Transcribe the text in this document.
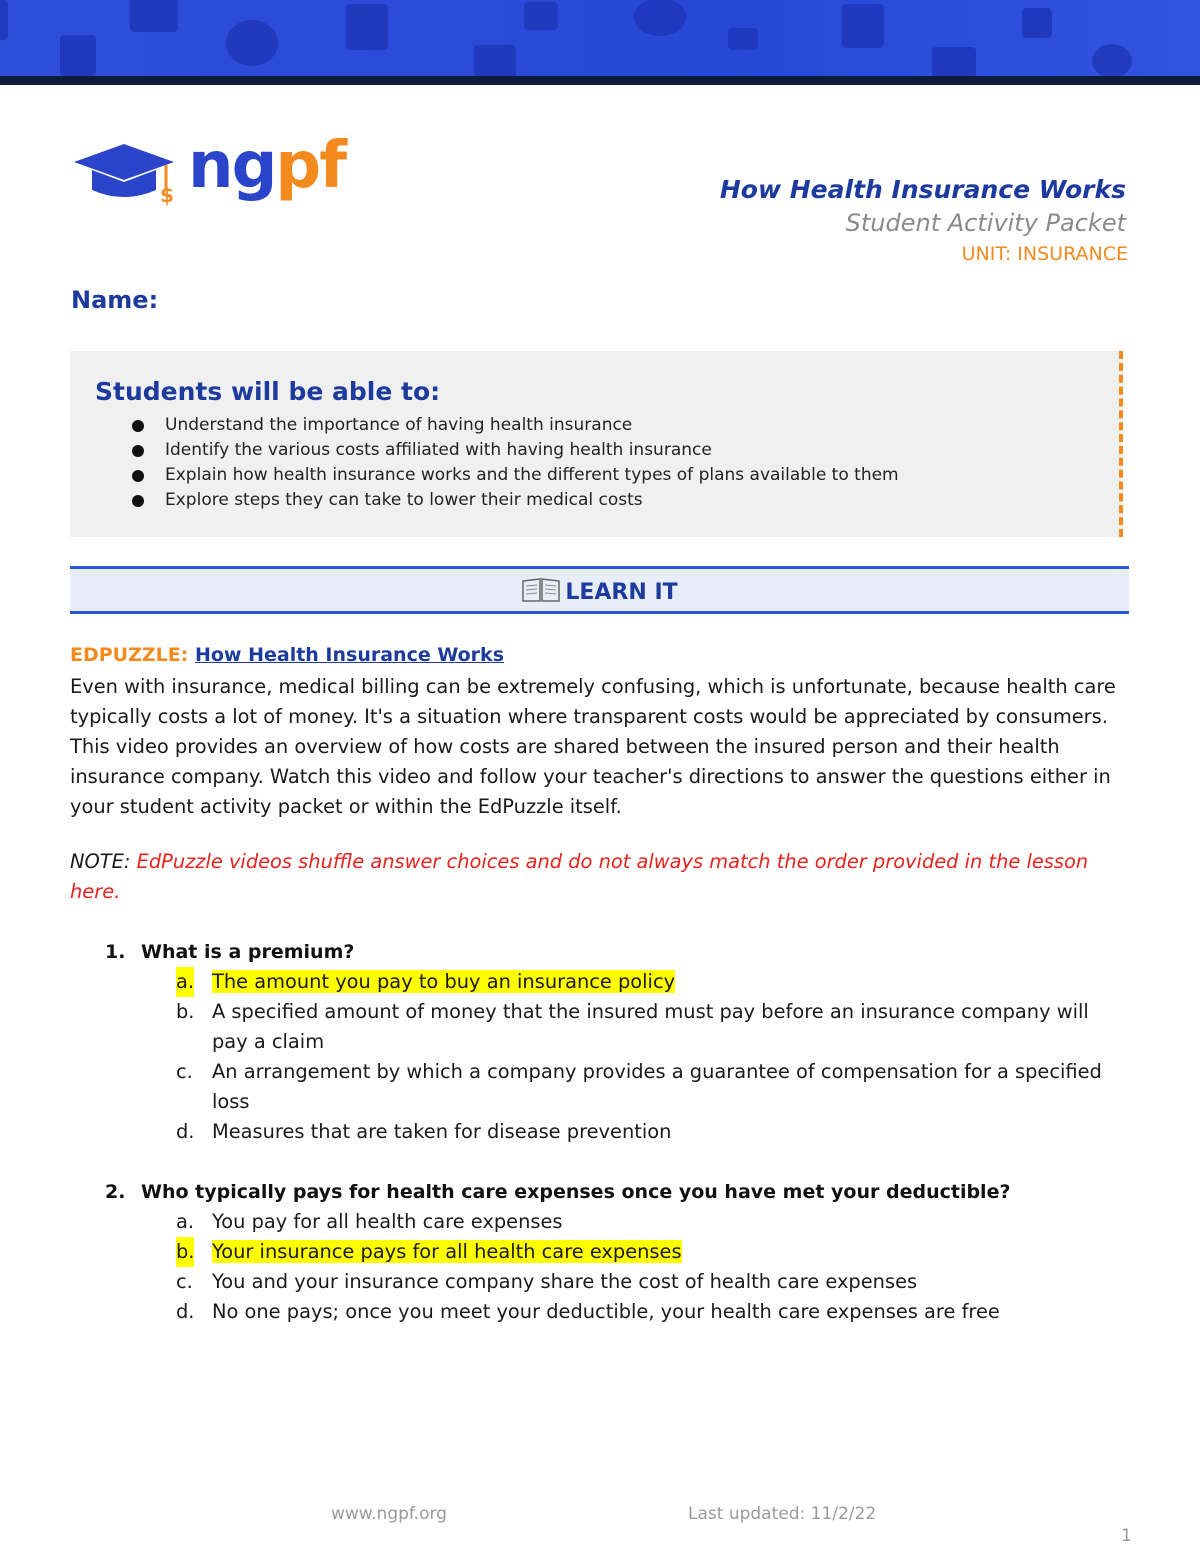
$ ngpf	How Health Insurance Works
Student Activity Packet
UNIT: INSURANCE
Name:
Students will be able to:
Understand the importance of having health insurance
Identify the various costs affiliated with having health insurance
Explain how health insurance works and the different types of plans available to them
Explore steps they can take to lower their medical costs
LEARN IT

EDPUZZLE: How Health Insurance Works

Even with insurance, medical billing can be extremely confusing, which is unfortunate, because health care typically costs a lot of money. It's a situation where transparent costs would be appreciated by consumers. This video provides an overview of how costs are shared between the insured person and their health insurance company. Watch this video and follow your teacher's directions to answer the questions either in your student activity packet or within the EdPuzzle itself.

NOTE: EdPuzzle videos shuffle answer choices and do not always match the order provided in the lesson here.

1. What is a premium?
a. The amount you pay to buy an insurance policy
b. A specified amount of money that the insured must pay before an insurance company will pay a claim
c. An arrangement by which a company provides a guarantee of compensation for a specified loss
d. Measures that are taken for disease prevention
2. Who typically pays for health care expenses once you have met your deductible?
a. You pay for all health care expenses
b. Your insurance pays for all health care expenses
c. You and your insurance company share the cost of health care expenses
d. No one pays; once you meet your deductible, your health care expenses are free
www.ngpf.org	Last updated: 11/2/22
1
